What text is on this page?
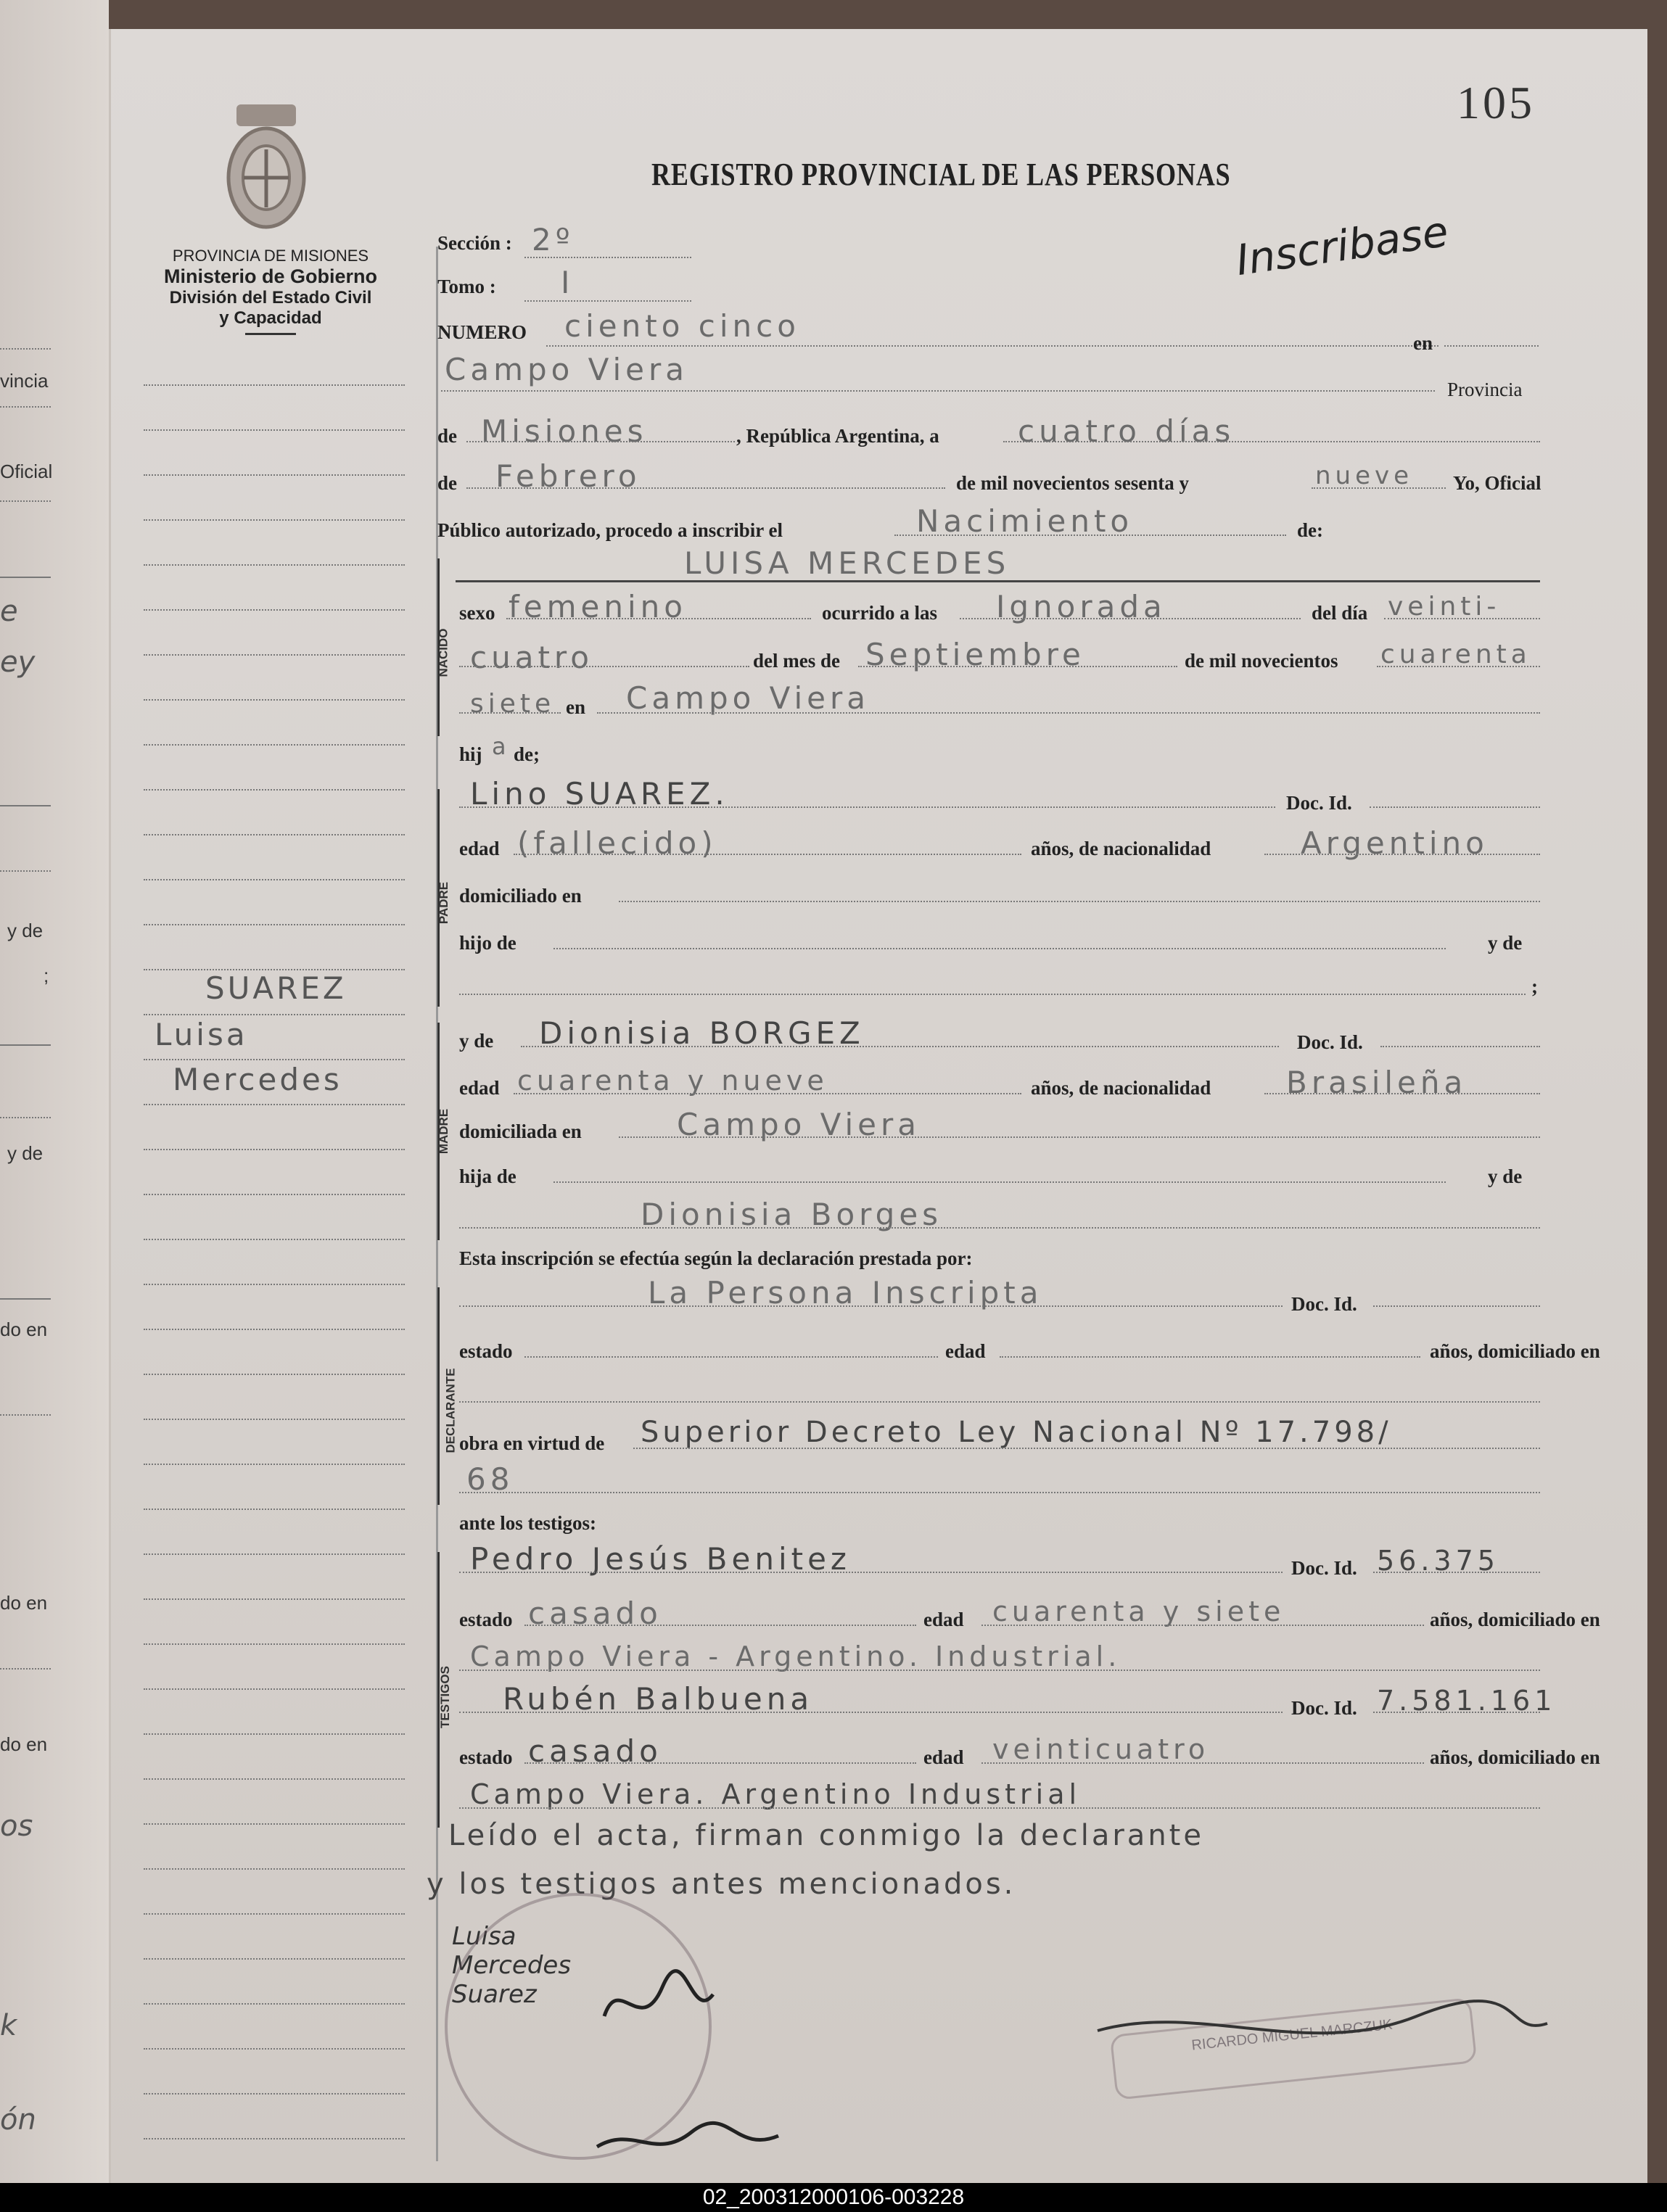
vincia
Oficial
e
ey
y de
;
y de
do en
do en
do en
os
k
ón
105
PROVINCIA DE MISIONES
Ministerio de Gobierno
División del Estado Civil
y Capacidad
REGISTRO PROVINCIAL DE LAS PERSONAS
Inscribase
SUAREZ
Luisa
Mercedes
Sección : 2º
Tomo : I
NUMERO ciento cinco	en
Campo Viera
Provincia
de Misiones	, República Argentina, a	cuatro días
de Febrero	de mil novecientos sesenta y	nueve Yo, Oficial
Público autorizado, procedo a inscribir el	Nacimiento	de:
NACIDO
LUISA MERCEDES
sexo femenino	ocurrido a las Ignorada	del día veinti-
cuatro	del mes de Septiembre	de mil novecientos cuarenta
siete en Campo Viera
hij a de;
PADRE
Lino SUAREZ.	Doc. Id.
edad (fallecido)	años, de nacionalidad	Argentino
domiciliado en
hijo de	y de
;
MADRE
y de Dionisia BORGEZ	Doc. Id.
edad cuarenta y nueve	años, de nacionalidad Brasileña
domiciliada en	Campo Viera
hija de	y de
Dionisia Borges
Esta inscripción se efectúa según la declaración prestada por:
DECLARANTE
La Persona Inscripta	Doc. Id.
estado	edad	años, domiciliado en
obra en virtud de Superior Decreto Ley Nacional Nº 17.798/
68
ante los testigos:
TESTIGOS
Pedro Jesús Benitez	Doc. Id. 56.375
estado casado	edad cuarenta y siete	años, domiciliado en
Campo Viera - Argentino. Industrial.
Rubén Balbuena	Doc. Id. 7.581.161
estado casado	edad veinticuatro	años, domiciliado en
Campo Viera. Argentino Industrial
Leído el acta, firman conmigo la declarante
y los testigos antes mencionados.
Luisa Mercedes Suarez
RICARDO MIGUEL MARCZUK
02_200312000106-003228
